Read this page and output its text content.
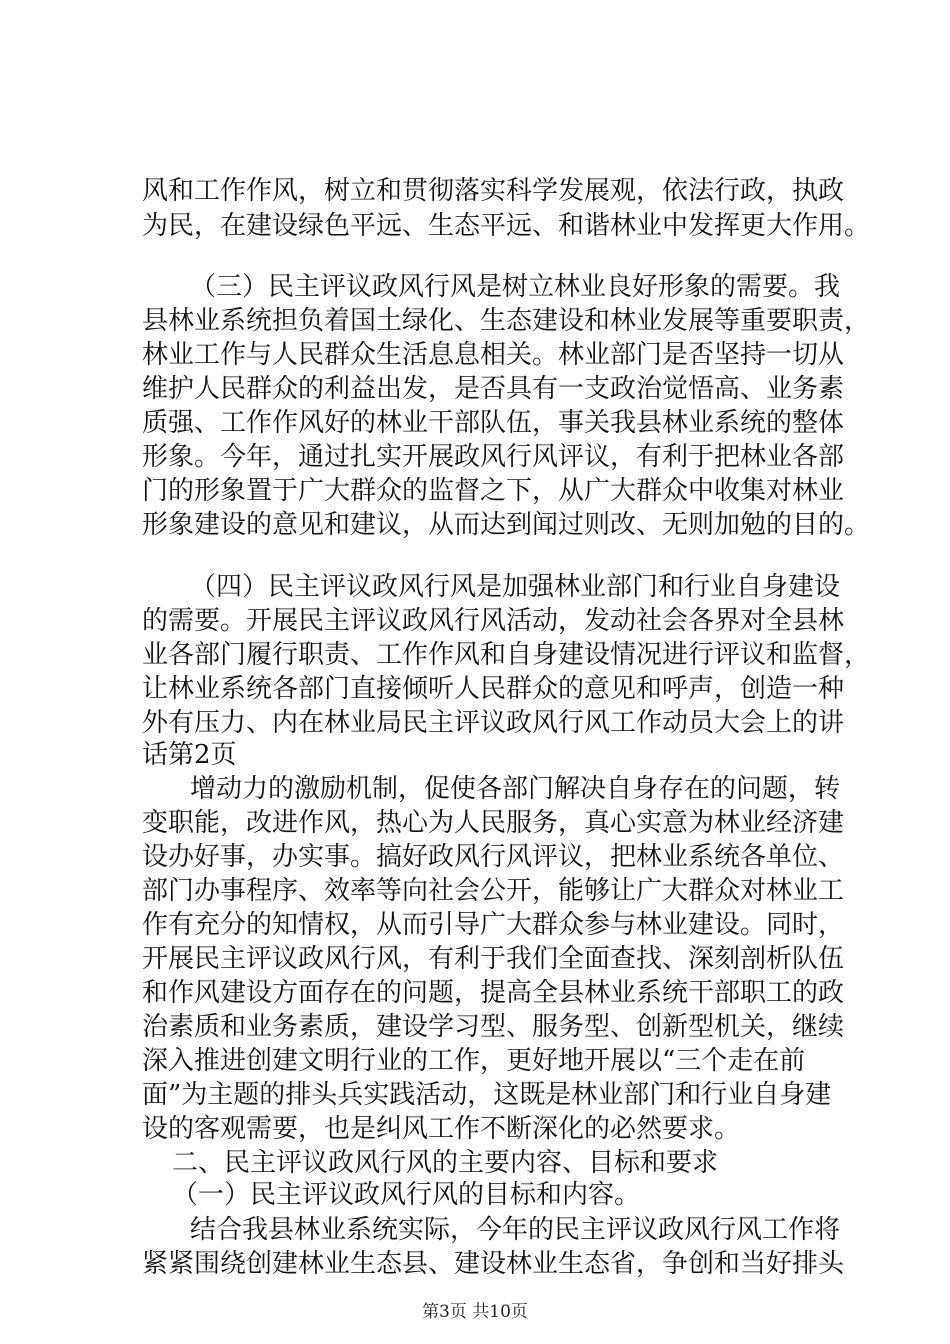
风和工作作风，树立和贯彻落实科学发展观，依法行政，执政
为民，在建设绿色平远、生态平远、和谐林业中发挥更大作用。
（三）民主评议政风行风是树立林业良好形象的需要。我
县林业系统担负着国土绿化、生态建设和林业发展等重要职责，
林业工作与人民群众生活息息相关。林业部门是否坚持一切从
维护人民群众的利益出发，是否具有一支政治觉悟高、业务素
质强、工作作风好的林业干部队伍，事关我县林业系统的整体
形象。今年，通过扎实开展政风行风评议，有利于把林业各部
门的形象置于广大群众的监督之下，从广大群众中收集对林业
形象建设的意见和建议，从而达到闻过则改、无则加勉的目的。
（四）民主评议政风行风是加强林业部门和行业自身建设
的需要。开展民主评议政风行风活动，发动社会各界对全县林
业各部门履行职责、工作作风和自身建设情况进行评议和监督，
让林业系统各部门直接倾听人民群众的意见和呼声，创造一种
外有压力、内在林业局民主评议政风行风工作动员大会上的讲
话第2页
增动力的激励机制，促使各部门解决自身存在的问题，转
变职能，改进作风，热心为人民服务，真心实意为林业经济建
设办好事，办实事。搞好政风行风评议，把林业系统各单位、
部门办事程序、效率等向社会公开，能够让广大群众对林业工
作有充分的知情权，从而引导广大群众参与林业建设。同时，
开展民主评议政风行风，有利于我们全面查找、深刻剖析队伍
和作风建设方面存在的问题，提高全县林业系统干部职工的政
治素质和业务素质，建设学习型、服务型、创新型机关，继续
深入推进创建文明行业的工作，更好地开展以“三个走在前
面”为主题的排头兵实践活动，这既是林业部门和行业自身建
设的客观需要，也是纠风工作不断深化的必然要求。
二、民主评议政风行风的主要内容、目标和要求
（一）民主评议政风行风的目标和内容。
结合我县林业系统实际，今年的民主评议政风行风工作将
第3页 共10页
紧紧围绕创建林业生态县、建设林业生态省，争创和当好排头
